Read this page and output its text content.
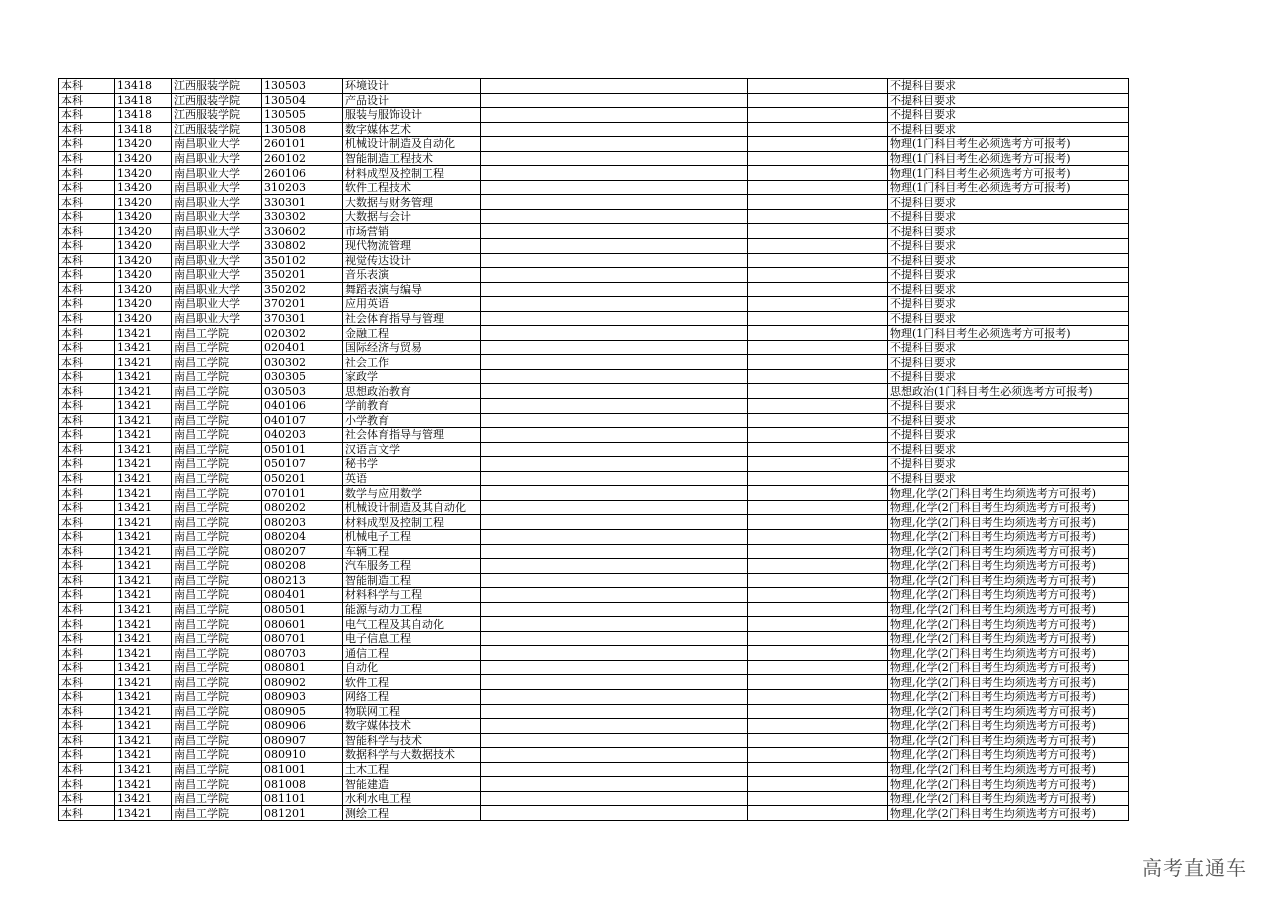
本科	13418	江西服装学院	130503	环境设计			不提科目要求
本科	13418	江西服装学院	130504	产品设计			不提科目要求
本科	13418	江西服装学院	130505	服装与服饰设计			不提科目要求
本科	13418	江西服装学院	130508	数字媒体艺术			不提科目要求
本科	13420	南昌职业大学	260101	机械设计制造及自动化			物理(1门科目考生必须选考方可报考)
本科	13420	南昌职业大学	260102	智能制造工程技术			物理(1门科目考生必须选考方可报考)
本科	13420	南昌职业大学	260106	材料成型及控制工程			物理(1门科目考生必须选考方可报考)
本科	13420	南昌职业大学	310203	软件工程技术			物理(1门科目考生必须选考方可报考)
本科	13420	南昌职业大学	330301	大数据与财务管理			不提科目要求
本科	13420	南昌职业大学	330302	大数据与会计			不提科目要求
本科	13420	南昌职业大学	330602	市场营销			不提科目要求
本科	13420	南昌职业大学	330802	现代物流管理			不提科目要求
本科	13420	南昌职业大学	350102	视觉传达设计			不提科目要求
本科	13420	南昌职业大学	350201	音乐表演			不提科目要求
本科	13420	南昌职业大学	350202	舞蹈表演与编导			不提科目要求
本科	13420	南昌职业大学	370201	应用英语			不提科目要求
本科	13420	南昌职业大学	370301	社会体育指导与管理			不提科目要求
本科	13421	南昌工学院	020302	金融工程			物理(1门科目考生必须选考方可报考)
本科	13421	南昌工学院	020401	国际经济与贸易			不提科目要求
本科	13421	南昌工学院	030302	社会工作			不提科目要求
本科	13421	南昌工学院	030305	家政学			不提科目要求
本科	13421	南昌工学院	030503	思想政治教育			思想政治(1门科目考生必须选考方可报考)
本科	13421	南昌工学院	040106	学前教育			不提科目要求
本科	13421	南昌工学院	040107	小学教育			不提科目要求
本科	13421	南昌工学院	040203	社会体育指导与管理			不提科目要求
本科	13421	南昌工学院	050101	汉语言文学			不提科目要求
本科	13421	南昌工学院	050107	秘书学			不提科目要求
本科	13421	南昌工学院	050201	英语			不提科目要求
本科	13421	南昌工学院	070101	数学与应用数学			物理,化学(2门科目考生均须选考方可报考)
本科	13421	南昌工学院	080202	机械设计制造及其自动化			物理,化学(2门科目考生均须选考方可报考)
本科	13421	南昌工学院	080203	材料成型及控制工程			物理,化学(2门科目考生均须选考方可报考)
本科	13421	南昌工学院	080204	机械电子工程			物理,化学(2门科目考生均须选考方可报考)
本科	13421	南昌工学院	080207	车辆工程			物理,化学(2门科目考生均须选考方可报考)
本科	13421	南昌工学院	080208	汽车服务工程			物理,化学(2门科目考生均须选考方可报考)
本科	13421	南昌工学院	080213	智能制造工程			物理,化学(2门科目考生均须选考方可报考)
本科	13421	南昌工学院	080401	材料科学与工程			物理,化学(2门科目考生均须选考方可报考)
本科	13421	南昌工学院	080501	能源与动力工程			物理,化学(2门科目考生均须选考方可报考)
本科	13421	南昌工学院	080601	电气工程及其自动化			物理,化学(2门科目考生均须选考方可报考)
本科	13421	南昌工学院	080701	电子信息工程			物理,化学(2门科目考生均须选考方可报考)
本科	13421	南昌工学院	080703	通信工程			物理,化学(2门科目考生均须选考方可报考)
本科	13421	南昌工学院	080801	自动化			物理,化学(2门科目考生均须选考方可报考)
本科	13421	南昌工学院	080902	软件工程			物理,化学(2门科目考生均须选考方可报考)
本科	13421	南昌工学院	080903	网络工程			物理,化学(2门科目考生均须选考方可报考)
本科	13421	南昌工学院	080905	物联网工程			物理,化学(2门科目考生均须选考方可报考)
本科	13421	南昌工学院	080906	数字媒体技术			物理,化学(2门科目考生均须选考方可报考)
本科	13421	南昌工学院	080907	智能科学与技术			物理,化学(2门科目考生均须选考方可报考)
本科	13421	南昌工学院	080910	数据科学与大数据技术			物理,化学(2门科目考生均须选考方可报考)
本科	13421	南昌工学院	081001	土木工程			物理,化学(2门科目考生均须选考方可报考)
本科	13421	南昌工学院	081008	智能建造			物理,化学(2门科目考生均须选考方可报考)
本科	13421	南昌工学院	081101	水利水电工程			物理,化学(2门科目考生均须选考方可报考)
本科	13421	南昌工学院	081201	测绘工程			物理,化学(2门科目考生均须选考方可报考)
高考直通车
